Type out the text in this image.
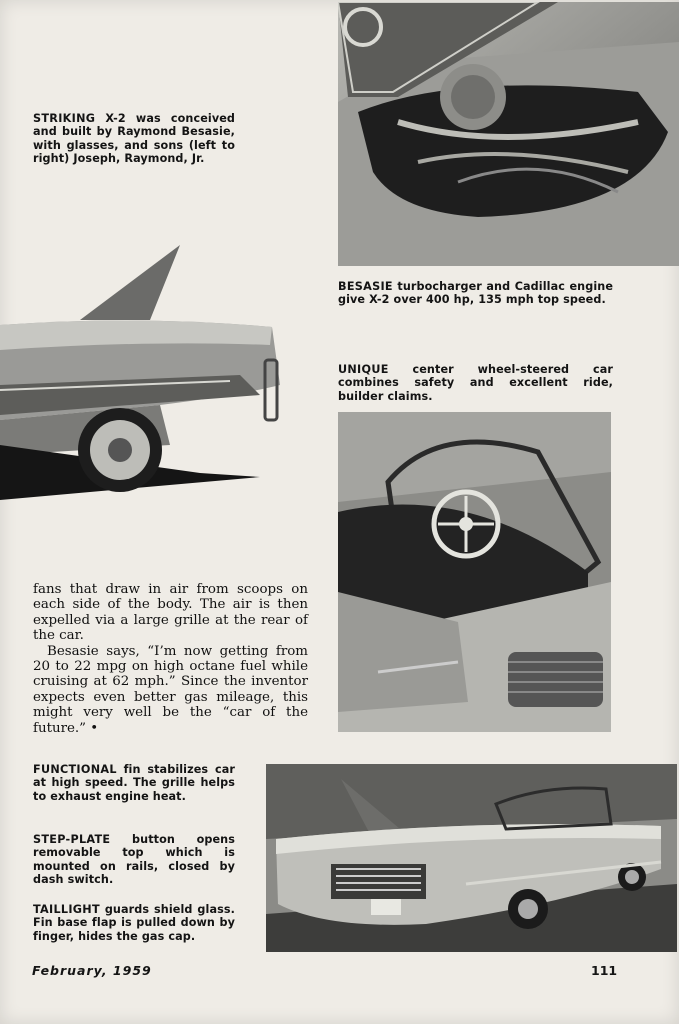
STRIKING X-2 was conceived and built by Raymond Besasie, with glasses, and sons (left to right) Joseph, Raymond, Jr.
BESASIE turbocharger and Cadillac engine give X-2 over 400 hp, 135 mph top speed.
UNIQUE center wheel-steered car combines safety and excellent ride, builder claims.
FUNCTIONAL fin stabilizes car at high speed. The grille helps to exhaust engine heat.
STEP-PLATE button opens removable top which is mounted on rails, closed by dash switch.
TAILLIGHT guards shield glass. Fin base flap is pulled down by finger, hides the gas cap.

fans that draw in air from scoops on each side of the body. The air is then expelled via a large grille at the rear of the car.

Besasie says, “I’m now getting from 20 to 22 mpg on high octane fuel while cruising at 62 mph.” Since the inventor expects even better gas mileage, this might very well be the “car of the future.” •

February, 1959	111
